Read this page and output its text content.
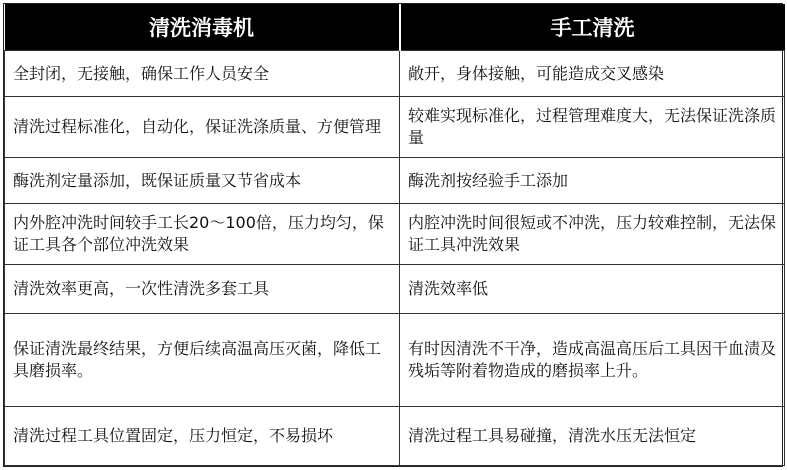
清洗消毒机	手工清洗
全封闭，无接触，确保工作人员安全	敞开，身体接触，可能造成交叉感染
清洗过程标准化，自动化，保证洗涤质量、方便管理	较难实现标准化，过程管理难度大，无法保证洗涤质量
酶洗剂定量添加，既保证质量又节省成本	酶洗剂按经验手工添加
内外腔冲洗时间较手工长20～100倍，压力均匀，保证工具各个部位冲洗效果	内腔冲洗时间很短或不冲洗，压力较难控制，无法保证工具冲洗效果
清洗效率更高，一次性清洗多套工具	清洗效率低
保证清洗最终结果，方便后续高温高压灭菌，降低工具磨损率。	有时因清洗不干净，造成高温高压后工具因干血渍及残垢等附着物造成的磨损率上升。
清洗过程工具位置固定，压力恒定，不易损坏	清洗过程工具易碰撞，清洗水压无法恒定
